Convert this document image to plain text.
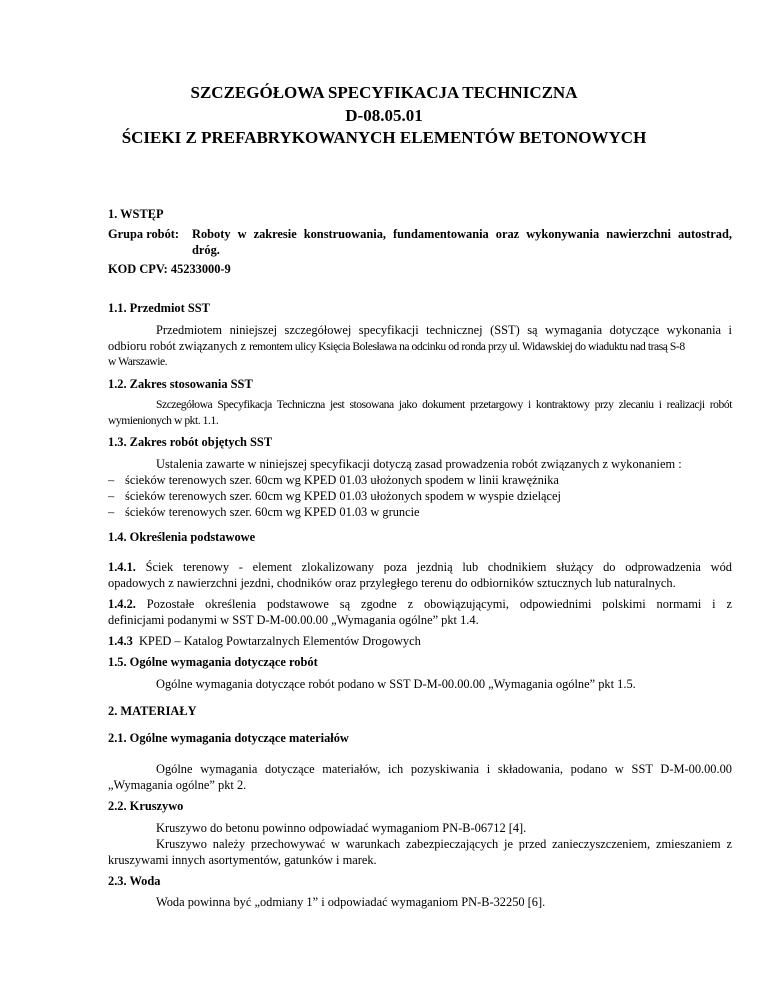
SZCZEGÓŁOWA SPECYFIKACJA TECHNICZNA
D-08.05.01
ŚCIEKI Z PREFABRYKOWANYCH ELEMENTÓW BETONOWYCH
1. WSTĘP
Grupa robót: Roboty w zakresie konstruowania, fundamentowania oraz wykonywania nawierzchni autostrad,
dróg.
KOD CPV: 45233000-9
1.1. Przedmiot SST
Przedmiotem niniejszej szczegółowej specyfikacji technicznej (SST) są wymagania dotyczące wykonania i
odbioru robót związanych z remontem ulicy Księcia Bolesława na odcinku od ronda przy ul. Widawskiej do wiaduktu nad trasą S-8
w Warszawie.
1.2. Zakres stosowania SST
Szczegółowa Specyfikacja Techniczna jest stosowana jako dokument przetargowy i kontraktowy przy zlecaniu i realizacji robót
wymienionych w pkt. 1.1.
1.3. Zakres robót objętych SST
Ustalenia zawarte w niniejszej specyfikacji dotyczą zasad prowadzenia robót związanych z wykonaniem :
– ścieków terenowych szer. 60cm wg KPED 01.03 ułożonych spodem w linii krawężnika
– ścieków terenowych szer. 60cm wg KPED 01.03 ułożonych spodem w wyspie dzielącej
– ścieków terenowych szer. 60cm wg KPED 01.03 w gruncie
1.4. Określenia podstawowe
1.4.1. Ściek terenowy - element zlokalizowany poza jezdnią lub chodnikiem służący do odprowadzenia wód
opadowych z nawierzchni jezdni, chodników oraz przyległego terenu do odbiorników sztucznych lub naturalnych.
1.4.2. Pozostałe określenia podstawowe są zgodne z obowiązującymi, odpowiednimi polskimi normami i z
definicjami podanymi w SST D-M-00.00.00 „Wymagania ogólne” pkt 1.4.
1.4.3 KPED – Katalog Powtarzalnych Elementów Drogowych
1.5. Ogólne wymagania dotyczące robót
Ogólne wymagania dotyczące robót podano w SST D-M-00.00.00 „Wymagania ogólne” pkt 1.5.
2. MATERIAŁY
2.1. Ogólne wymagania dotyczące materiałów
Ogólne wymagania dotyczące materiałów, ich pozyskiwania i składowania, podano w SST D-M-00.00.00
„Wymagania ogólne” pkt 2.
2.2. Kruszywo
Kruszywo do betonu powinno odpowiadać wymaganiom PN-B-06712 [4].
Kruszywo należy przechowywać w warunkach zabezpieczających je przed zanieczyszczeniem, zmieszaniem z
kruszywami innych asortymentów, gatunków i marek.
2.3. Woda
Woda powinna być „odmiany 1” i odpowiadać wymaganiom PN-B-32250 [6].
